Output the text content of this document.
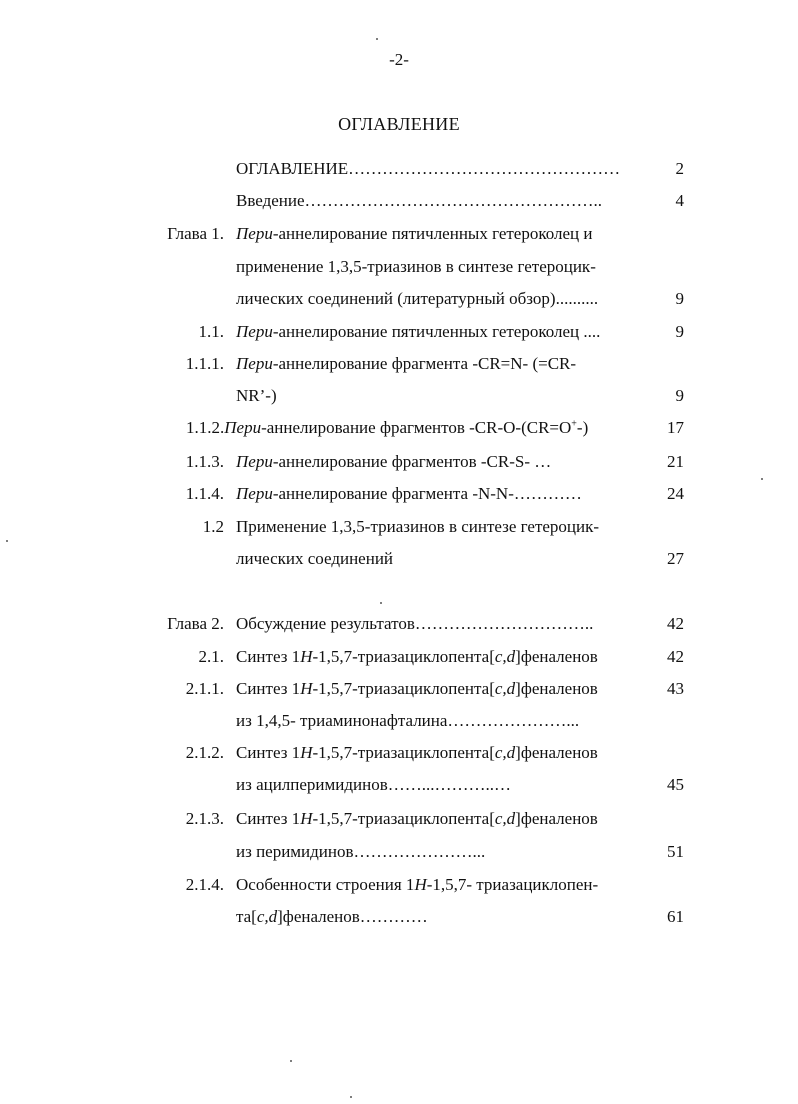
-2-
ОГЛАВЛЕНИЕ
ОГЛАВЛЕНИЕ…………………………………………	2
Введение……………………………………………..	4
Глава 1. Пери-аннелирование пятичленных гетероколец и
применение 1,3,5-триазинов в синтезе гетероцик-
лических соединений (литературный обзор)..........	9
1.1. Пери-аннелирование пятичленных гетероколец ....	9
1.1.1. Пери-аннелирование фрагмента -CR=N- (=CR-
NR’-)	9
1.1.2.Пери-аннелирование фрагментов -CR-O-(CR=O+-)	17
1.1.3. Пери-аннелирование фрагментов -CR-S- …	21
1.1.4. Пери-аннелирование фрагмента -N-N-…………	24
1.2 Применение 1,3,5-триазинов в синтезе гетероцик-
лических соединений	27
Глава 2. Обсуждение результатов…………………………..	42
2.1. Синтез 1H-1,5,7-триазациклопента[c,d]феналенов	42
2.1.1. Синтез 1H-1,5,7-триазациклопента[c,d]феналенов	43
из 1,4,5- триаминонафталина…………………...
2.1.2. Синтез 1H-1,5,7-триазациклопента[c,d]феналенов
из ацилперимидинов……...………..…	45
2.1.3. Синтез 1H-1,5,7-триазациклопента[c,d]феналенов
из перимидинов…………………...	51
2.1.4. Особенности строения 1H-1,5,7- триазациклопен-
та[c,d]феналенов…………	61
